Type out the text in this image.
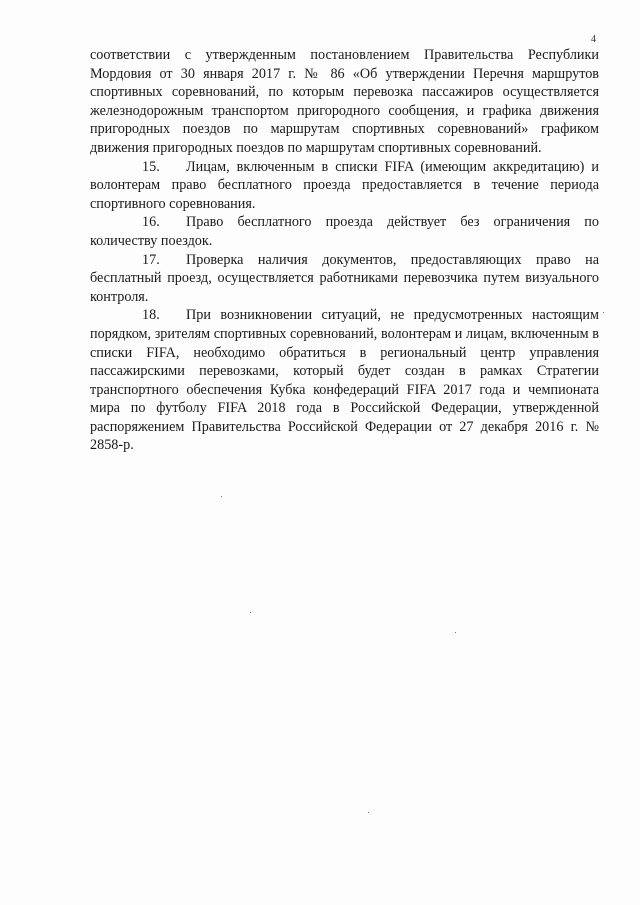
4

соответствии с утвержденным постановлением Правительства Республики Мордовия от 30 января 2017 г. № 86 «Об утверждении Перечня маршрутов спортивных соревнований, по которым перевозка пассажиров осуществляется железнодорожным транспортом пригородного сообщения, и графика движения пригородных поездов по маршрутам спортивных соревнований» графиком движения пригородных поездов по маршрутам спортивных соревнований.

15. Лицам, включенным в списки FIFA (имеющим аккредитацию) и волонтерам право бесплатного проезда предоставляется в течение периода спортивного соревнования.

16. Право бесплатного проезда действует без ограничения по количеству поездок.

17. Проверка наличия документов, предоставляющих право на бесплатный проезд, осуществляется работниками перевозчика путем визуального контроля.

18. При возникновении ситуаций, не предусмотренных настоящим порядком, зрителям спортивных соревнований, волонтерам и лицам, включенным в списки FIFA, необходимо обратиться в региональный центр управления пассажирскими перевозками, который будет создан в рамках Стратегии транспортного обеспечения Кубка конфедераций FIFA 2017 года и чемпионата мира по футболу FIFA 2018 года в Российской Федерации, утвержденной распоряжением Правительства Российской Федерации от 27 декабря 2016 г. № 2858-р.
